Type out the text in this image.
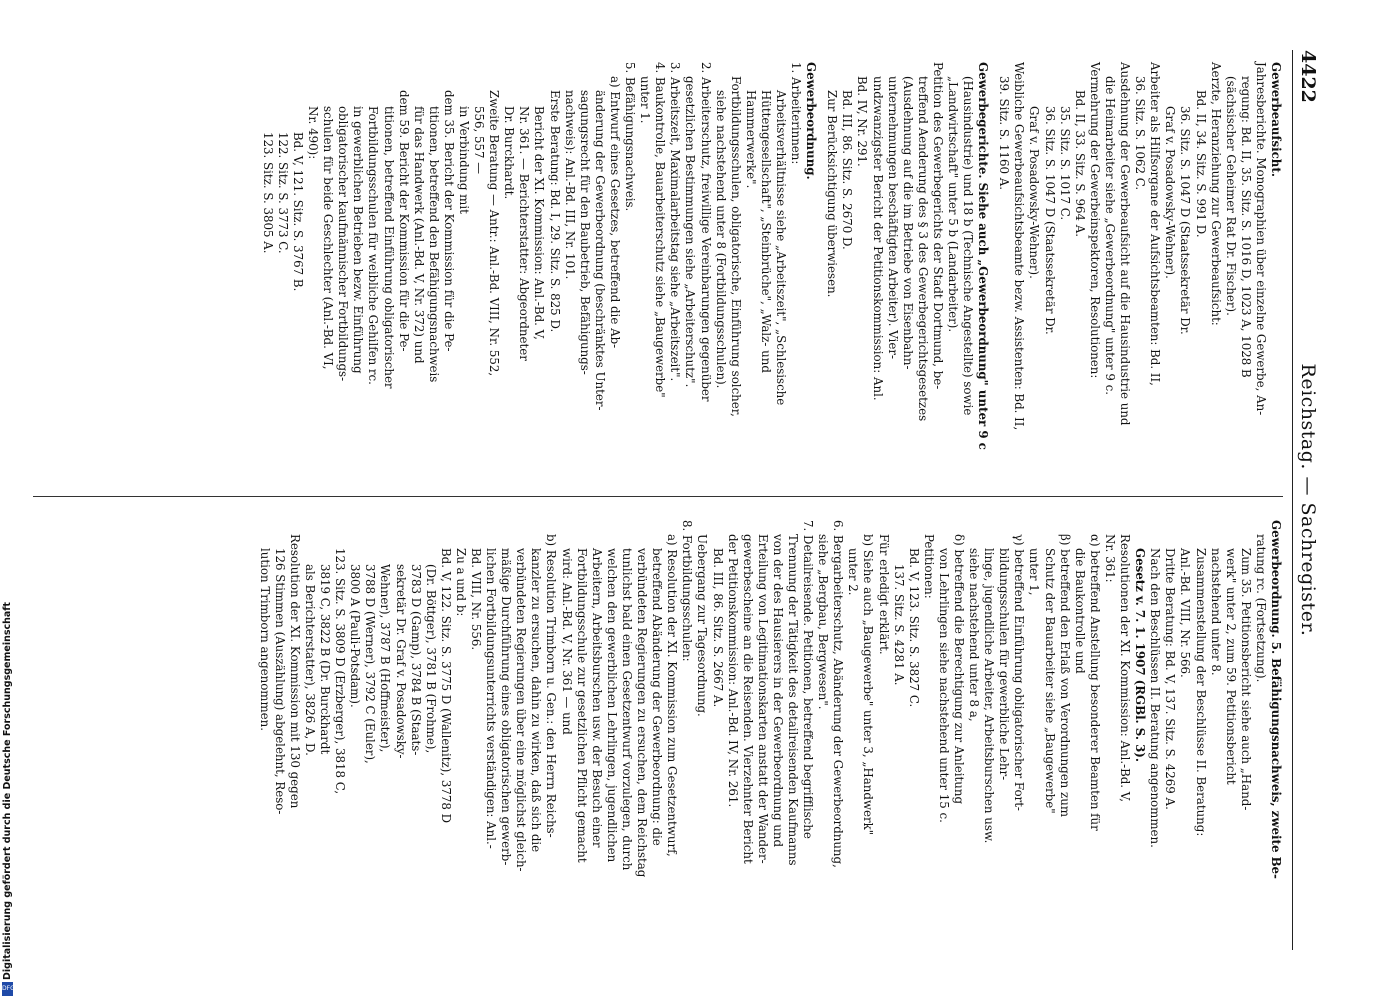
4422
Reichstag. — Sachregister.

Gewerbeaufsicht.

Jahresberichte. Monographien über einzelne Gewerbe, An-

regung: Bd. II, 35. Sitz. S. 1016 D, 1023 A, 1028 B

(sächsischer Geheimer Rat Dr. Fischer).

Aerzte, Heranziehung zur Gewerbeaufsicht:

Bd. II, 34. Sitz. S. 991 D.

36. Sitz. S. 1047 D (Staatssekretär Dr.

Graf v. Posadowsky-Wehner).

Arbeiter als Hilfsorgane der Aufsichtsbeamten: Bd. II,

36. Sitz. S. 1062 C.

Ausdehnung der Gewerbeaufsicht auf die Hausindustrie und

die Heimarbeiter siehe „Gewerbeordnung" unter 9 c.

Vermehrung der Gewerbeinspektoren, Resolutionen:

Bd. II, 33. Sitz. S. 964 A.

35. Sitz. S. 1017 C.

36. Sitz. S. 1047 D (Staatssekretär Dr.

Graf v. Posadowsky-Wehner).

Weibliche Gewerbeaufsichtsbeamte bezw. Assistenten: Bd. II,

39. Sitz. S. 1160 A.

Gewerbegerichte. Siehe auch „Gewerbeordnung" unter 9 c

(Hausindustrie) und 18 b (Technische Angestellte) sowie

„Landwirtschaft" unter 5 b (Landarbeiter).

Petition des Gewerbegerichts der Stadt Dortmund, be-

treffend Aenderung des § 3 des Gewerbegerichtsgesetzes

(Ausdehnung auf die im Betriebe von Eisenbahn-

unternehmungen beschäftigten Arbeiter). Vier-

undzwanzigster Bericht der Petitionskommission: Anl.

Bd. IV, Nr. 291.

Bd. III, 86. Sitz. S. 2670 D.

Zur Berücksichtigung überwiesen.

Gewerbeordnung.

1. Arbeiterinnen:

Arbeitsverhältnisse siehe „Arbeitszeit", „Schlesische

Hüttengesellschaft", „Steinbrüche", „Walz- und

Hammerwerke".

Fortbildungsschulen, obligatorische, Einführung solcher,

siehe nachstehend unter 8 (Fortbildungsschulen).

2. Arbeiterschutz, freiwillige Vereinbarungen gegenüber

gesetzlichen Bestimmungen siehe „Arbeiterschutz".

3. Arbeitszeit, Maximalarbeitstag siehe „Arbeitszeit".

4. Baukontrolle, Bauarbeiterschutz siehe „Baugewerbe"

unter 1.

5. Befähigungsnachweis.

a) Entwurf eines Gesetzes, betreffend die Ab-

änderung der Gewerbeordnung (beschränktes Unter-

sagungsrecht für den Baubetrieb, Befähigungs-

nachweis): Anl.-Bd. III, Nr. 101.

Erste Beratung: Bd. I, 29. Sitz. S. 825 D.

Bericht der XI. Kommission: Anl.-Bd. V,

Nr. 361. — Berichterstatter: Abgeordneter

Dr. Burckhardt.

Zweite Beratung — Antr.: Anl.-Bd. VIII, Nr. 552,

556, 557 —

in Verbindung mit

dem 35. Bericht der Kommission für die Pe-

titionen, betreffend den Befähigungsnachweis

für das Handwerk (Anl.-Bd. V, Nr. 372) und

dem 59. Bericht der Kommission für die Pe-

titionen, betreffend Einführung obligatorischer

Fortbildungsschulen für weibliche Gehilfen rc.

in gewerblichen Betrieben bezw. Einführung

obligatorischer kaufmännischer Fortbildungs-

schulen für beide Geschlechter (Anl.-Bd. VI,

Nr. 490):

Bd. V, 121. Sitz. S. 3767 B.

122. Sitz. S. 3773 C.

123. Sitz. S. 3805 A.

Gewerbeordnung. 5. Befähigungsnachweis, zweite Be-

ratung rc. (Fortsetzung).

Zum 35. Petitionsbericht siehe auch „Hand-

werk" unter 2, zum 59. Petitionsbericht

nachstehend unter 8.

Zusammenstellung der Beschlüsse II. Beratung:

Anl.-Bd. VIII, Nr. 566.

Dritte Beratung: Bd. V, 137. Sitz. S. 4269 A.

Nach den Beschlüssen II. Beratung angenommen.

Gesetz v. 7. 1. 1907 (RGBl. S. 3).

Resolutionen der XI. Kommission: Anl.-Bd. V,

Nr. 361:

α) betreffend Anstellung besonderer Beamten für

die Baukontrolle und

β) betreffend den Erlaß von Verordnungen zum

Schutz der Bauarbeiter siehe „Baugewerbe"

unter 1,

γ) betreffend Einführung obligatorischer Fort-

bildungsschulen für gewerbliche Lehr-

linge, jugendliche Arbeiter, Arbeitsburschen usw.

siehe nachstehend unter 8 a,

δ) betreffend die Berechtigung zur Anleitung

von Lehrlingen siehe nachstehend unter 15 c.

Petitionen:

Bd. V, 123. Sitz. S. 3827 C.

137. Sitz. S. 4281 A.

Für erledigt erklärt.

b) Siehe auch „Baugewerbe" unter 3, „Handwerk"

unter 2.

6. Bergarbeiterschutz, Abänderung der Gewerbeordnung,

siehe „Bergbau, Bergwesen".

7. Detailreisende. Petitionen, betreffend begrifflische

Trennung der Tätigkeit des detailreisenden Kaufmanns

von der des Hausierers in der Gewerbeordnung und

Erteilung von Legitimationskarten anstatt der Wander-

gewerbescheine an die Reisenden. Vierzehnter Bericht

der Petitionskommission: Anl.-Bd. IV, Nr. 261.

Bd. III, 86. Sitz. S. 2667 A.

Uebergang zur Tagesordnung.

8. Fortbildungsschulen:

a) Resolution der XI. Kommission zum Gesetzentwurf,

betreffend Abänderung der Gewerbeordnung: die

verbündeten Regierungen zu ersuchen, dem Reichstag

tunlichst bald einen Gesetzentwurf vorzulegen, durch

welchen den gewerblichen Lehrlingen, jugendlichen

Arbeitern, Arbeitsburschen usw. der Besuch einer

Fortbildungsschule zur gesetzlichen Pflicht gemacht

wird: Anl.-Bd. V, Nr. 361 — und

b) Resolution Trimborn u. Gen.: den Herrn Reichs-

kanzler zu ersuchen, dahin zu wirken, daß sich die

verbündeten Regierungen über eine möglichst gleich-

mäßige Durchführung eines obligatorischen gewerb-

lichen Fortbildungsunterrichts verständigen: Anl.-

Bd. VIII, Nr. 556.

Zu a und b:

Bd. V, 122. Sitz. S. 3775 D (Wallenitz), 3778 D

(Dr. Böttger), 3781 B (Frohme),

3783 D (Gamp), 3784 B (Staats-

sekretär Dr. Graf v. Posadowsky-

Wehner), 3787 B (Hoffmeister),

3788 D (Werner), 3792 C (Euler),

3800 A (Pauli-Potsdam).

123. Sitz. S. 3809 D (Erzberger), 3818 C,

3819 C, 3822 B (Dr. Burckhardt

als Berichterstatter), 3826 A, D.

Resolution der XI. Kommission mit 130 gegen

126 Stimmen (Auszählung) abgelehnt, Reso-

lution Trimborn angenommen.

Digitalisierung gefördert durch die Deutsche Forschungsgemeinschaft
DFG
